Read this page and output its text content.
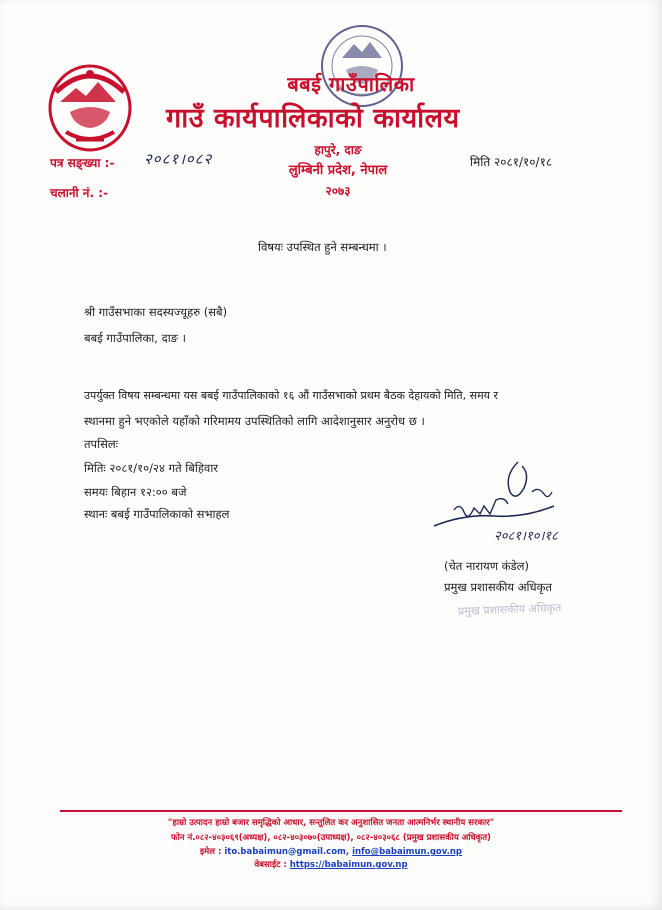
बबई गाउँपालिका
गाउँ कार्यपालिकाको कार्यालय
हापुरे, दाङ
लुम्बिनी प्रदेश, नेपाल
२०७३
पत्र सङ्ख्या :- २०८१।०८२
चलानी नं. :-
मिति २०८१/१०/१८
विषयः उपस्थित हुने सम्बन्धमा ।
श्री गाउँसभाका सदस्यज्यूहरु (सबै)
बबई गाउँपालिका, दाङ ।
उपर्युक्त विषय सम्बन्धमा यस बबई गाउँपालिकाको १६ औं गाउँसभाको प्रथम बैठक देहायको मिति, समय र
स्थानमा हुने भएकोले यहाँको गरिमामय उपस्थितिको लागि आदेशानुसार अनुरोध छ ।
तपसिलः
मितिः २०८१/१०/२४ गते बिहिवार
समयः बिहान १२:०० बजे
स्थानः बबई गाउँपालिकाको सभाहल
२०८१।१०।१८
(चेत नारायण कंडेल)
प्रमुख प्रशासकीय अधिकृत
प्रमुख प्रशासकीय अधिकृत
"हाम्रो उत्पादन हाम्रो बजार समृद्धिको आधार, सन्तुलित कर अनुशासित जनता आत्मनिर्भर स्थानीय सरकार"
फोन नं.०८२-४०३०६९(अध्यक्ष), ०८२-४०३०७०(उपाध्यक्ष), ०८२-४०३०६८ (प्रमुख प्रशासकीय अधिकृत)
इमेल : ito.babaimun@gmail.com, info@babaimun.gov.np
वेबसाईट : https://babaimun.gov.np
